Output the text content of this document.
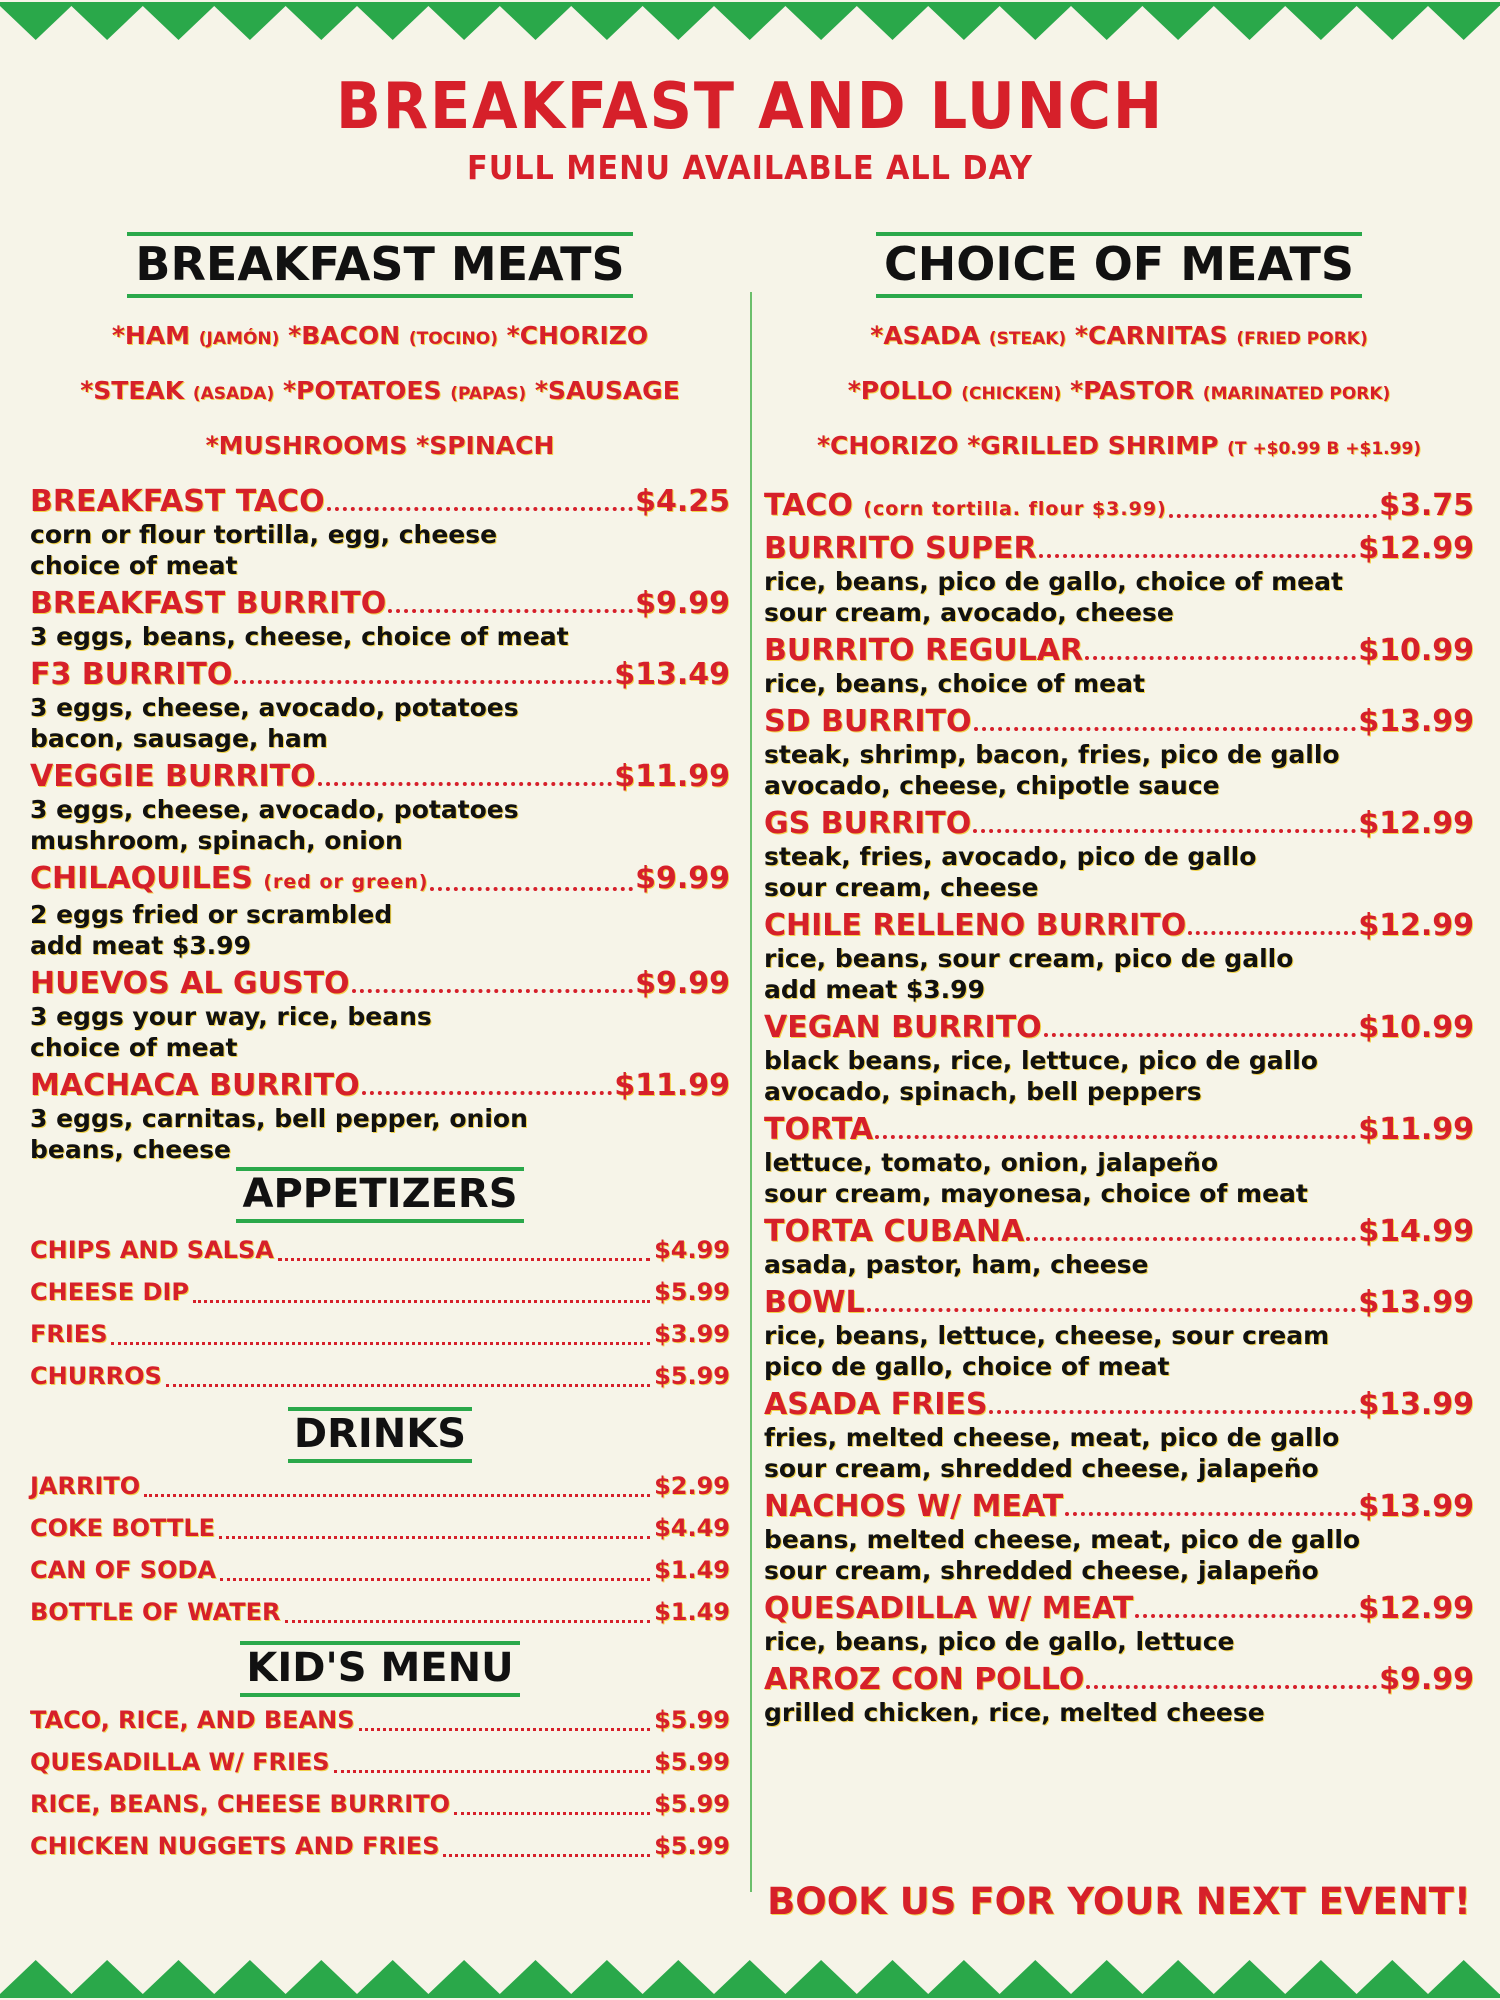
BREAKFAST AND LUNCH
FULL MENU AVAILABLE ALL DAY
BREAKFAST MEATS
*HAM (JAMÓN) *BACON (TOCINO) *CHORIZO
*STEAK (ASADA) *POTATOES (PAPAS) *SAUSAGE
*MUSHROOMS *SPINACH
BREAKFAST TACO	$4.25
corn or flour tortilla, egg, cheese
choice of meat
BREAKFAST BURRITO	$9.99
3 eggs, beans, cheese, choice of meat
F3 BURRITO	$13.49
3 eggs, cheese, avocado, potatoes
bacon, sausage, ham
VEGGIE BURRITO	$11.99
3 eggs, cheese, avocado, potatoes
mushroom, spinach, onion
CHILAQUILES (red or green)	$9.99
2 eggs fried or scrambled
add meat $3.99
HUEVOS AL GUSTO	$9.99
3 eggs your way, rice, beans
choice of meat
MACHACA BURRITO	$11.99
3 eggs, carnitas, bell pepper, onion
beans, cheese
APPETIZERS
CHIPS AND SALSA	$4.99
CHEESE DIP	$5.99
FRIES	$3.99
CHURROS	$5.99
DRINKS
JARRITO	$2.99
COKE BOTTLE	$4.49
CAN OF SODA	$1.49
BOTTLE OF WATER	$1.49
KID'S MENU
TACO, RICE, AND BEANS	$5.99
QUESADILLA W/ FRIES	$5.99
RICE, BEANS, CHEESE BURRITO	$5.99
CHICKEN NUGGETS AND FRIES	$5.99
CHOICE OF MEATS
*ASADA (STEAK) *CARNITAS (FRIED PORK)
*POLLO (CHICKEN) *PASTOR (MARINATED PORK)
*CHORIZO *GRILLED SHRIMP (T +$0.99 B +$1.99)
TACO (corn tortilla. flour $3.99)	$3.75
BURRITO SUPER	$12.99
rice, beans, pico de gallo, choice of meat
sour cream, avocado, cheese
BURRITO REGULAR	$10.99
rice, beans, choice of meat
SD BURRITO	$13.99
steak, shrimp, bacon, fries, pico de gallo
avocado, cheese, chipotle sauce
GS BURRITO	$12.99
steak, fries, avocado, pico de gallo
sour cream, cheese
CHILE RELLENO BURRITO	$12.99
rice, beans, sour cream, pico de gallo
add meat $3.99
VEGAN BURRITO	$10.99
black beans, rice, lettuce, pico de gallo
avocado, spinach, bell peppers
TORTA	$11.99
lettuce, tomato, onion, jalapeño
sour cream, mayonesa, choice of meat
TORTA CUBANA	$14.99
asada, pastor, ham, cheese
BOWL	$13.99
rice, beans, lettuce, cheese, sour cream
pico de gallo, choice of meat
ASADA FRIES	$13.99
fries, melted cheese, meat, pico de gallo
sour cream, shredded cheese, jalapeño
NACHOS W/ MEAT	$13.99
beans, melted cheese, meat, pico de gallo
sour cream, shredded cheese, jalapeño
QUESADILLA W/ MEAT	$12.99
rice, beans, pico de gallo, lettuce
ARROZ CON POLLO	$9.99
grilled chicken, rice, melted cheese
BOOK US FOR YOUR NEXT EVENT!
